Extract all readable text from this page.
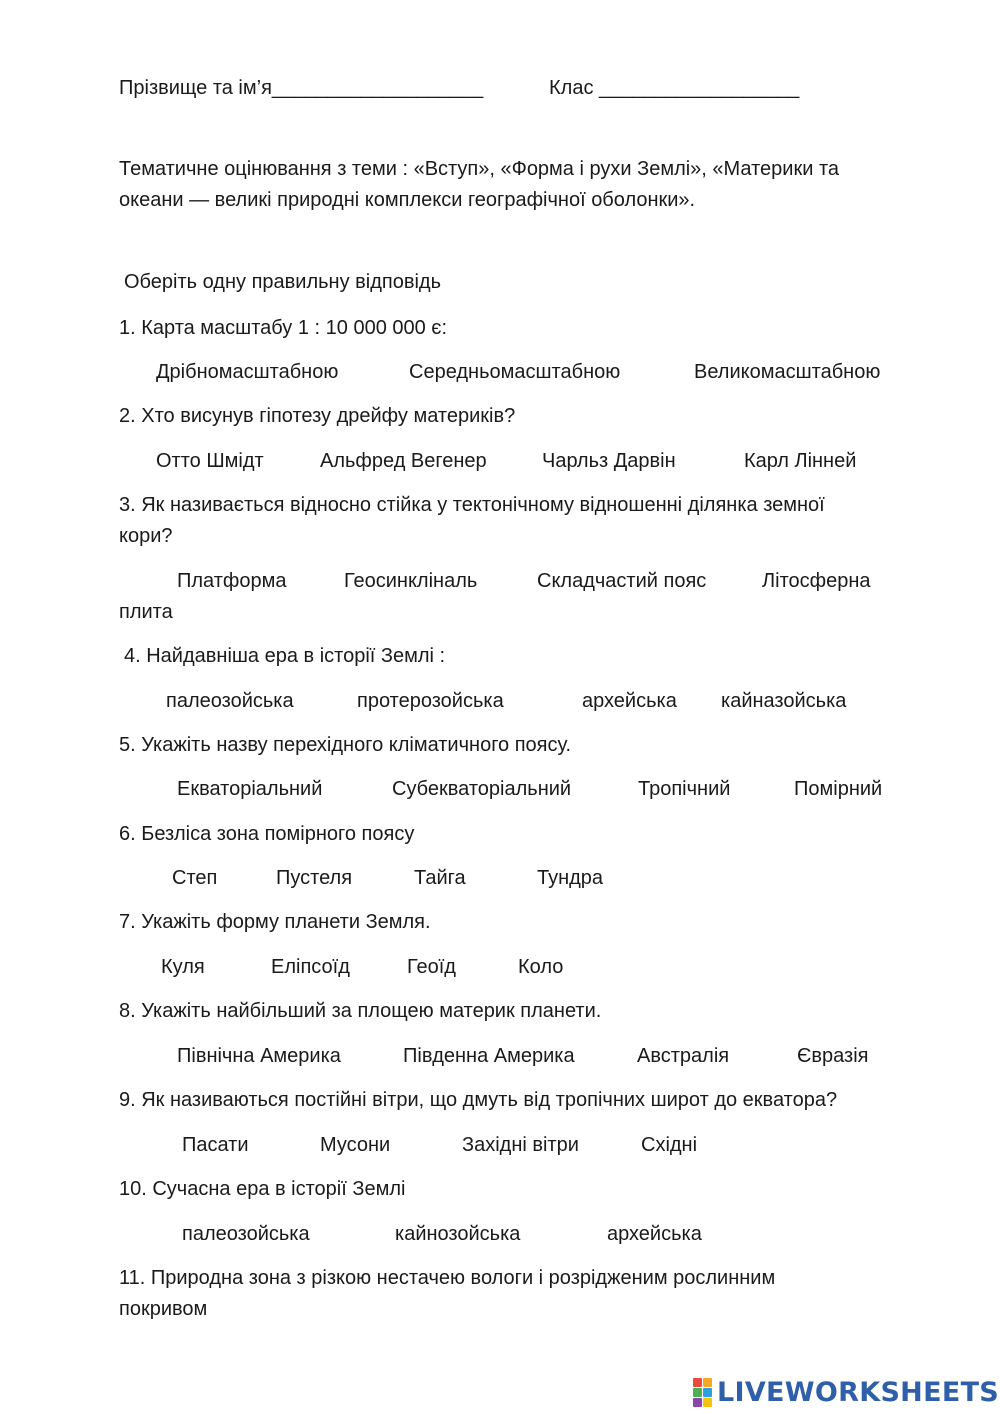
Прізвище та ім’я___________________	Клас __________________
Тематичне оцінювання з теми : «Вступ», «Форма і рухи Землі», «Материки та
океани — великі природні комплекси географічної оболонки».
Оберіть одну правильну відповідь
1. Карта масштабу 1 : 10 000 000 є:
Дрібномасштабною	Середньомасштабною	Великомасштабною
2. Хто висунув гіпотезу дрейфу материків?
Отто Шмідт	Альфред Вегенер	Чарльз Дарвін	Карл Лінней
3. Як називається відносно стійка у тектонічному відношенні ділянка земної
кори?
Платформа	Геосинкліналь	Складчастий пояс	Літосферна
плита
4. Найдавніша ера в історії Землі :
палеозойська	протерозойська	архейська кайназойська
5. Укажіть назву перехідного кліматичного поясу.
Екваторіальний	Субекваторіальний	Тропічний	Помірний
6. Безліса зона помірного поясу
Степ	Пустеля	Тайга	Тундра
7. Укажіть форму планети Земля.
Куля	Еліпсоїд	Геоїд	Коло
8. Укажіть найбільший за площею материк планети.
Північна Америка	Південна Америка	Австралія	Євразія
9. Як називаються постійні вітри, що дмуть від тропічних широт до екватора?
Пасати	Мусони	Західні вітри	Східні
10. Сучасна ера в історії Землі
палеозойська	кайнозойська	архейська
11. Природна зона з різкою нестачею вологи і розрідженим рослинним
покривом
LIVEWORKSHEETS
